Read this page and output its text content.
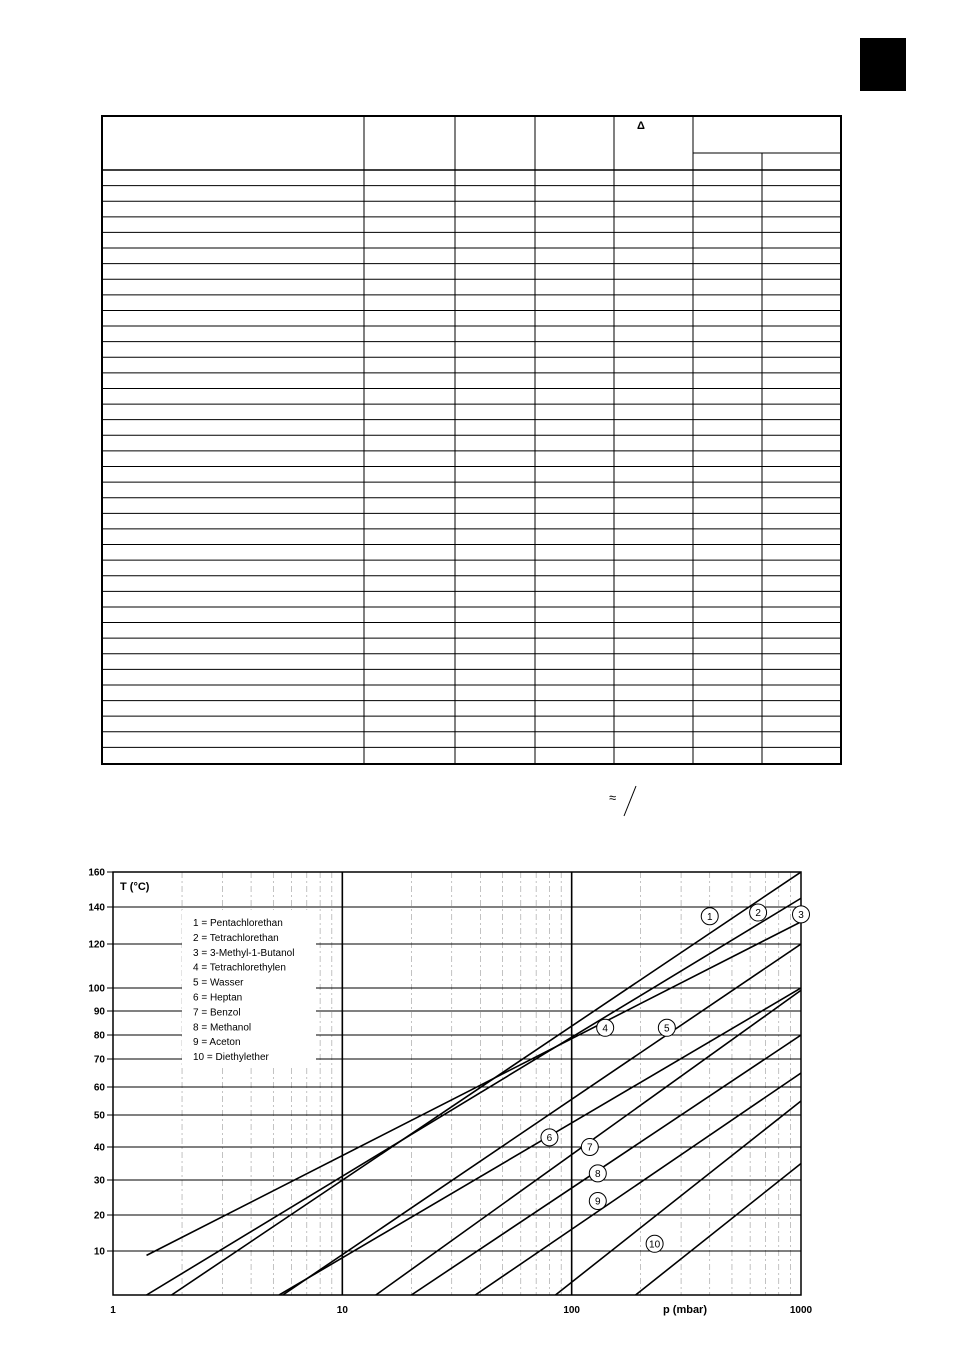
Δ
≈
10
20
30
40
50
60
70
80
90
100
120
140
160
1	10	100	1000
T (°C)
p (mbar)
1 = Pentachlorethan
2 = Tetrachlorethan
3 = 3-Methyl-1-Butanol
4 = Tetrachlorethylen
5 = Wasser
6 = Heptan
7 = Benzol
8 = Methanol
9 = Aceton
10 = Diethylether
1	2	3
4	5
6
7
8
9
10
